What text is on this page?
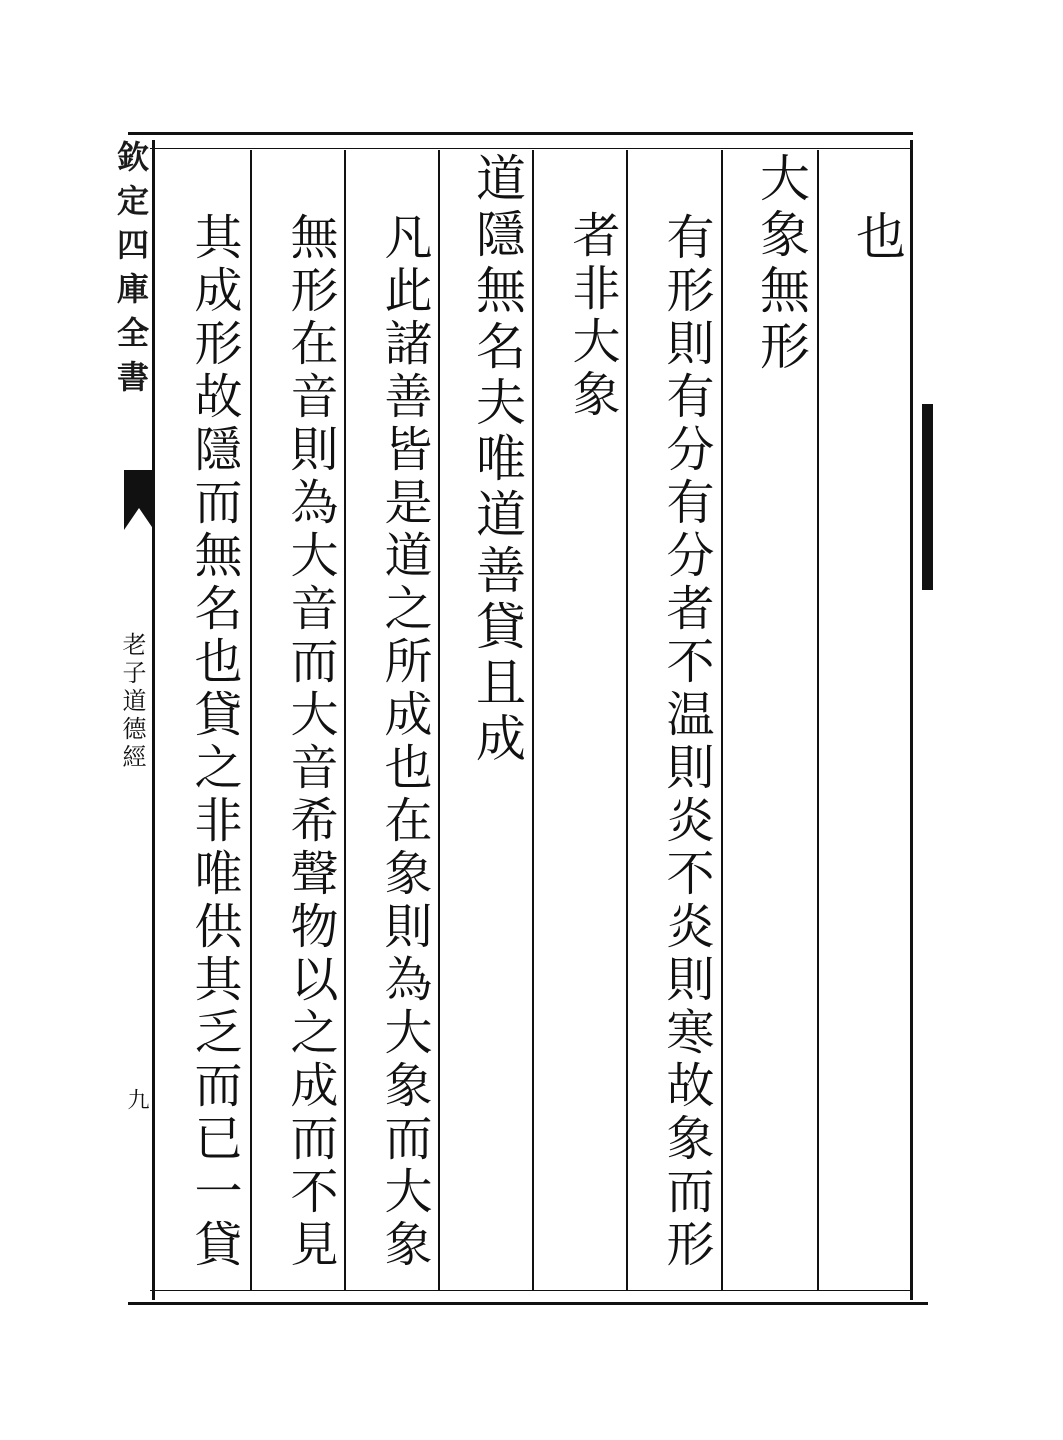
也
大象無形
有形則有分有分者不温則炎不炎則寒故象而形
者非大象
道隱無名夫唯道善貸且成
凡此諸善皆是道之所成也在象則為大象而大象
無形在音則為大音而大音希聲物以之成而不見
其成形故隱而無名也貸之非唯供其乏而已一貸
欽定四庫全書
老子道德經
九
